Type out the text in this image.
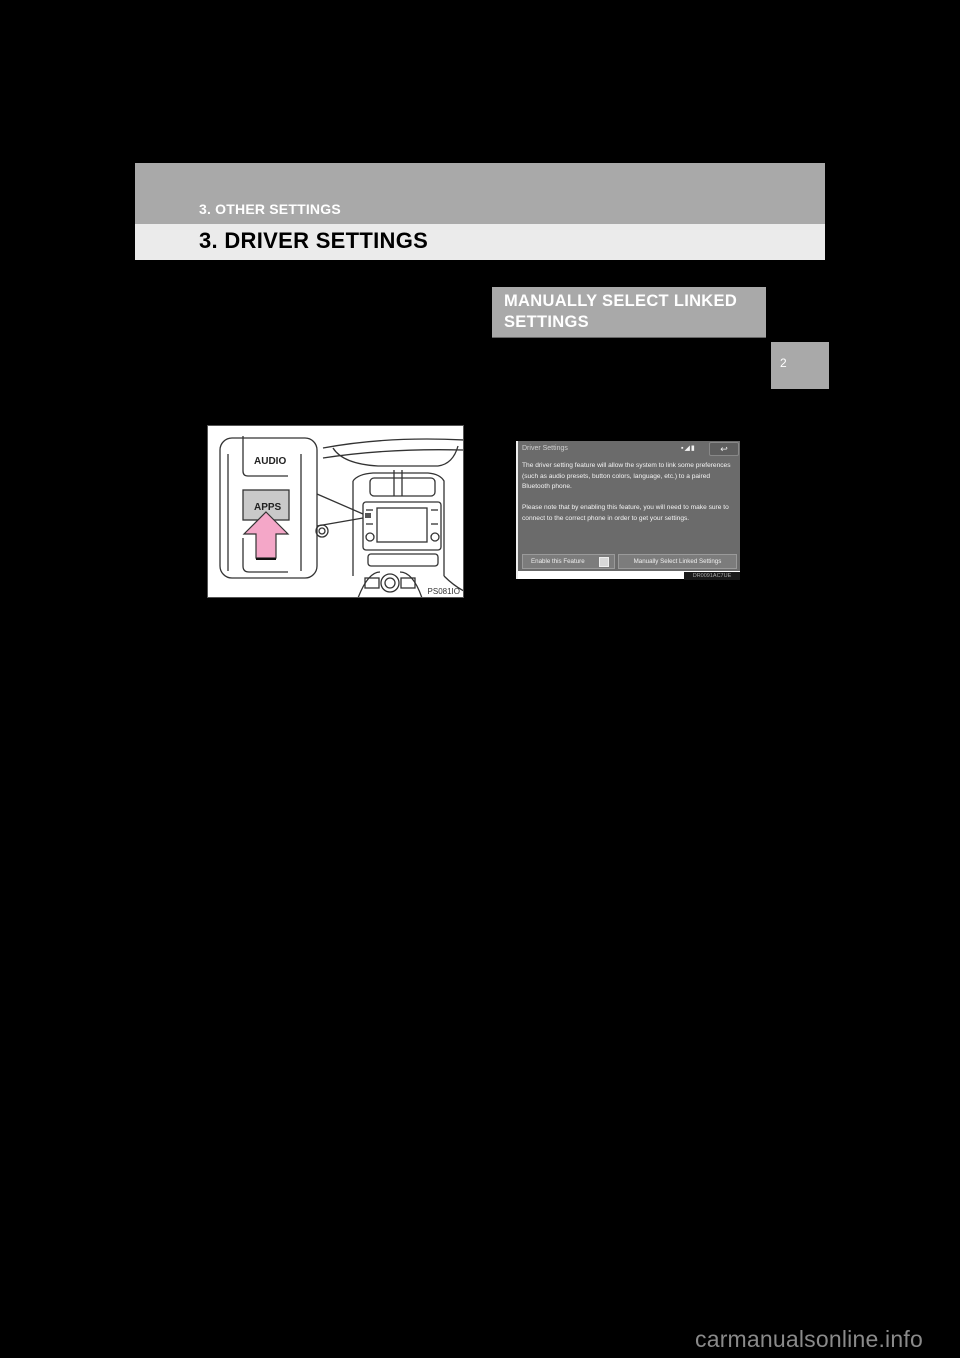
3. OTHER SETTINGS
3. DRIVER SETTINGS
MANUALLY SELECT LINKED SETTINGS
2
AUDIO
APPS
PS081IO
Driver Settings	▪◢▮	↩

The driver setting feature will allow the system to link some preferences (such as audio presets, button colors, language, etc.) to a paired Bluetooth phone.

Please note that by enabling this feature, you will need to make sure to connect to the correct phone in order to get your settings.

Enable this Feature	Manually Select Linked Settings
DR0091AC7UE
carmanualsonline.info
